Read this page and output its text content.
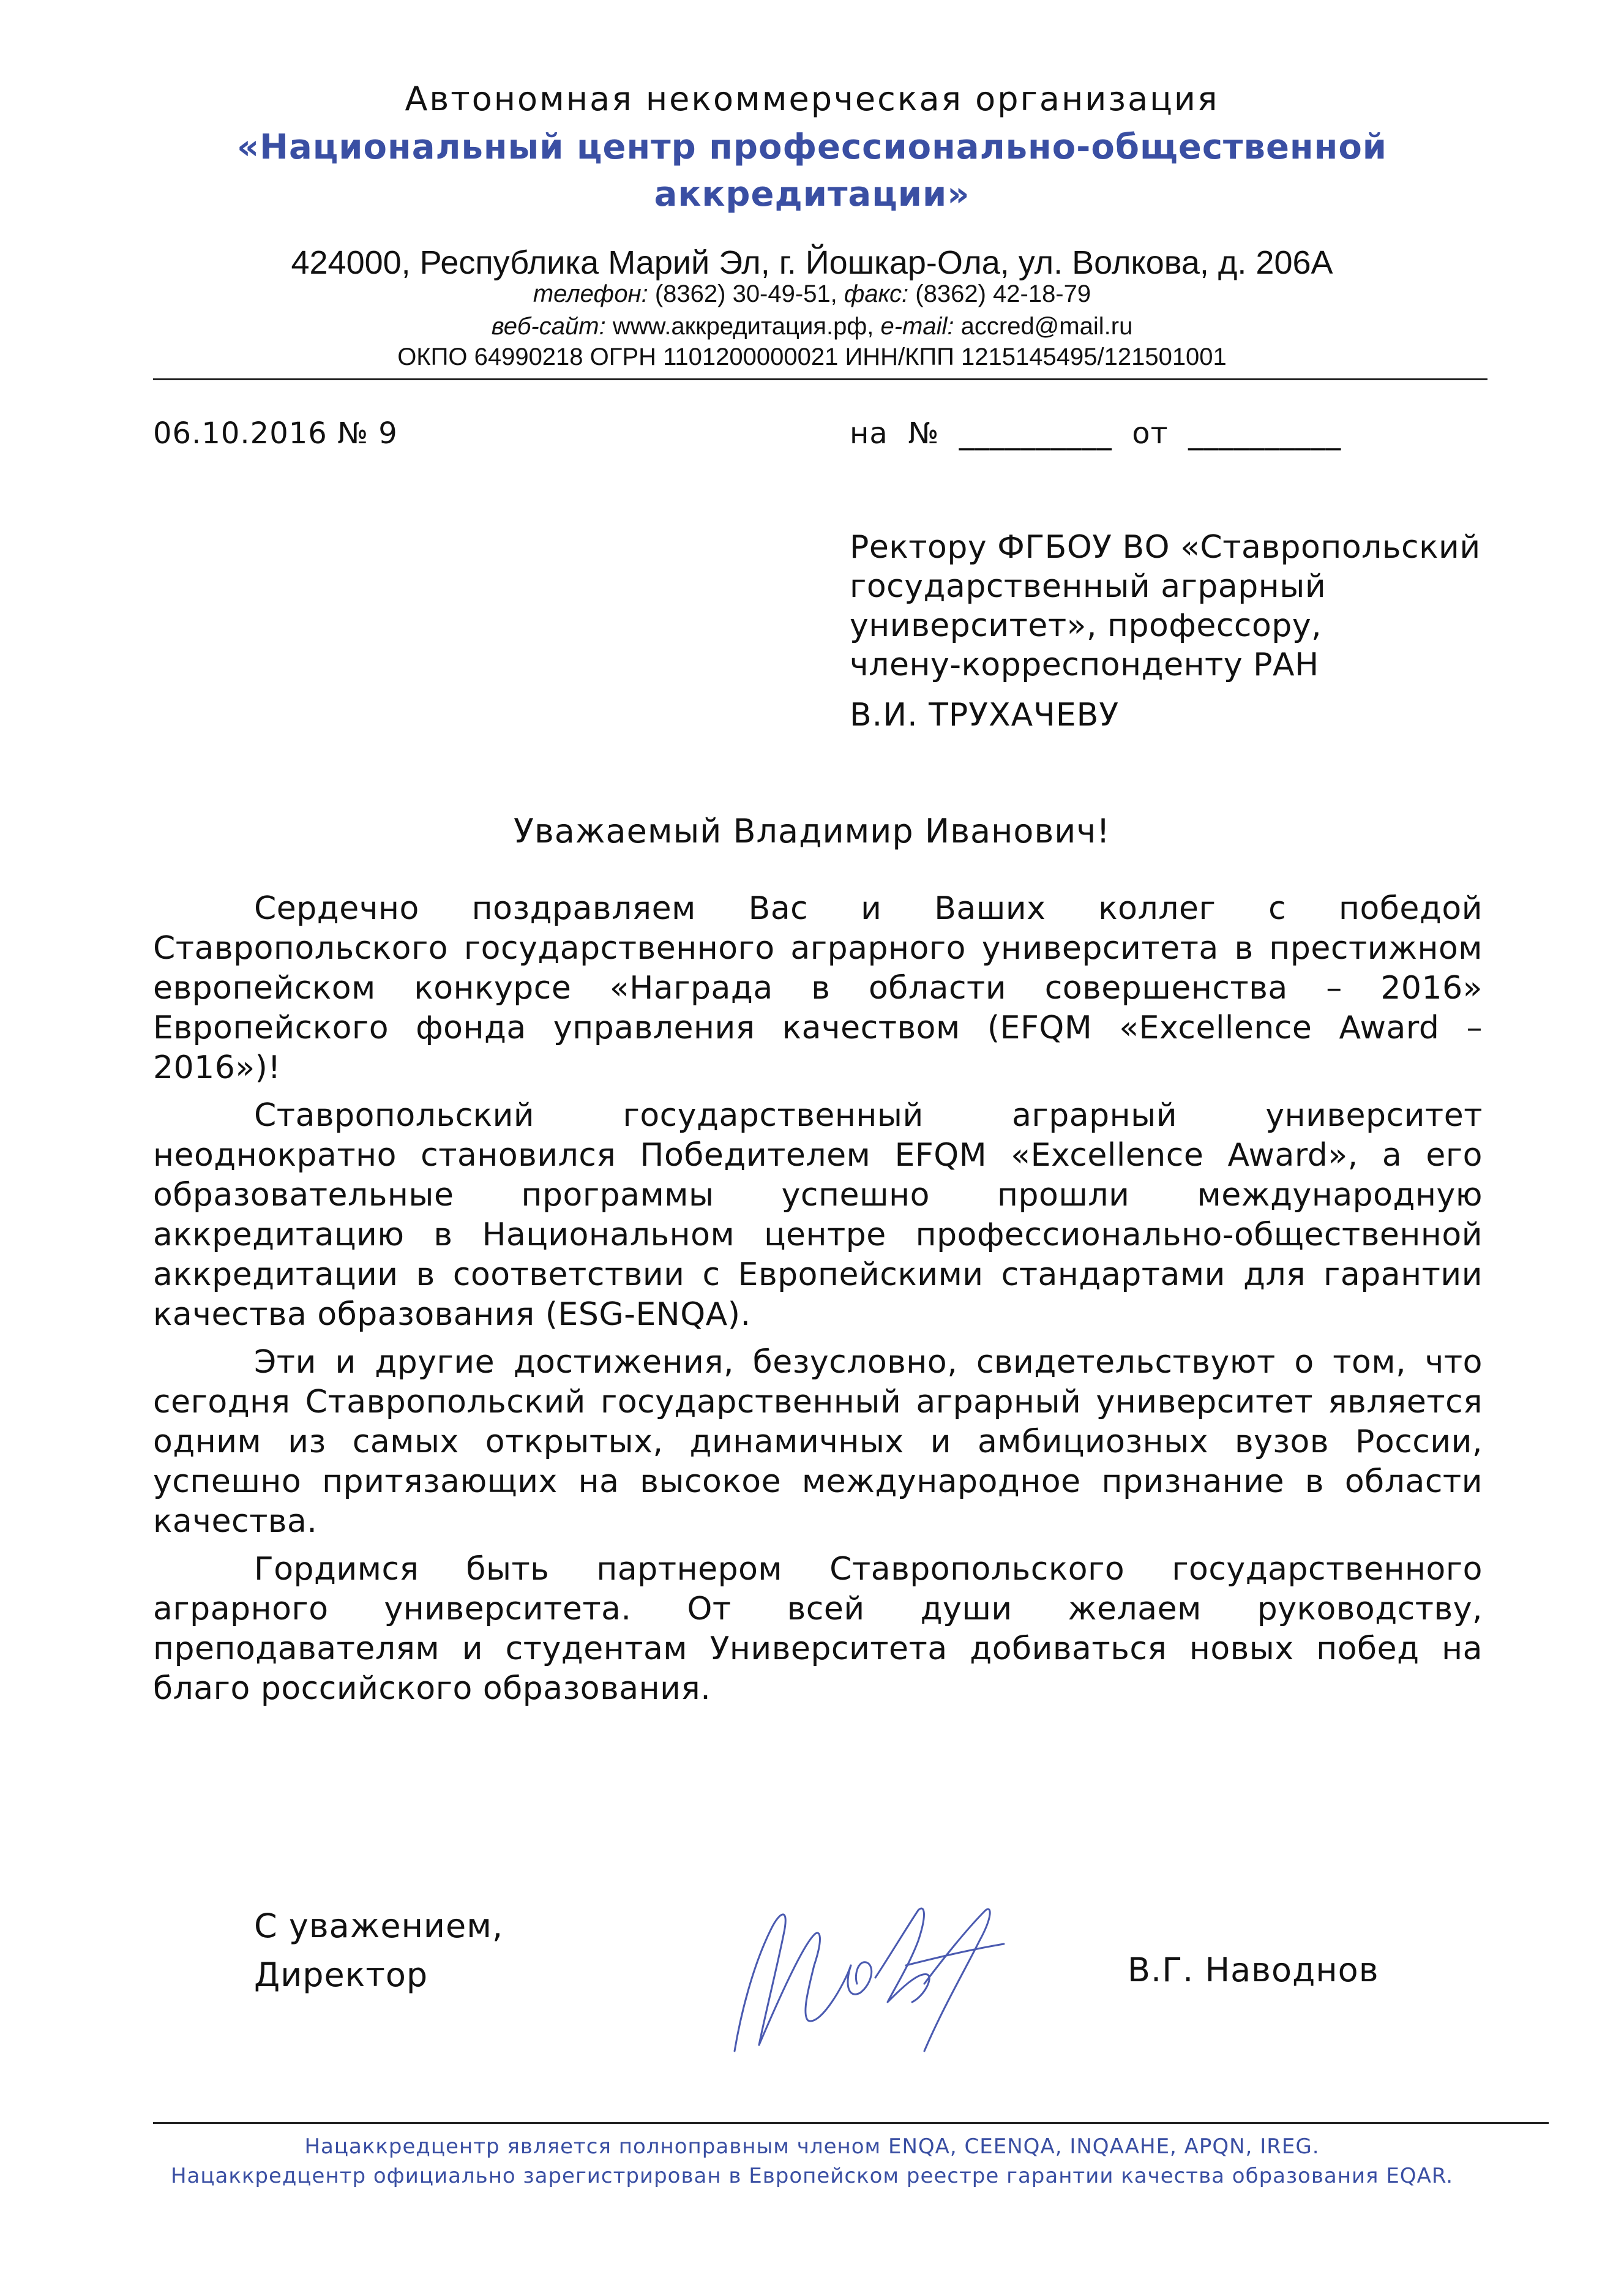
Автономная некоммерческая организация
«Национальный центр профессионально-общественной
аккредитации»
424000, Республика Марий Эл, г. Йошкар-Ола, ул. Волкова, д. 206А
телефон: (8362) 30-49-51, факс: (8362) 42-18-79
веб-сайт: www.аккредитация.рф, e-mail: accred@mail.ru
ОКПО 64990218 ОГРН 1101200000021 ИНН/КПП 1215145495/121501001
06.10.2016 № 9	на  №  __________  от  __________
Ректору ФГБОУ ВО «Ставропольский
государственный аграрный
университет», профессору,
члену-корреспонденту РАН
В.И. ТРУХАЧЕВУ
Уважаемый Владимир Иванович!

Сердечно поздравляем Вас и Ваших коллег с победой Ставропольского государственного аграрного университета в престижном европейском конкурсе «Награда в области совершенства – 2016» Европейского фонда управления качеством (EFQM «Excellence Award – 2016»)!

Ставропольский государственный аграрный университет неоднократно становился Победителем EFQM «Excellence Award», а его образовательные программы успешно прошли международную аккредитацию в Национальном центре профессионально-общественной аккредитации в соответствии с Европейскими стандартами для гарантии качества образования (ESG-ENQA).

Эти и другие достижения, безусловно, свидетельствуют о том, что сегодня Ставропольский государственный аграрный университет является одним из самых открытых, динамичных и амбициозных вузов России, успешно притязающих на высокое международное признание в области качества.

Гордимся быть партнером Ставропольского государственного аграрного университета. От всей души желаем руководству, преподавателям и студентам Университета добиваться новых побед на благо российского образования.

С уважением,
Директор	В.Г. Наводнов
Нацаккредцентр является полноправным членом ENQA, CEENQA, INQAAHE, APQN, IREG.
Нацаккредцентр официально зарегистрирован в Европейском реестре гарантии качества образования EQAR.
